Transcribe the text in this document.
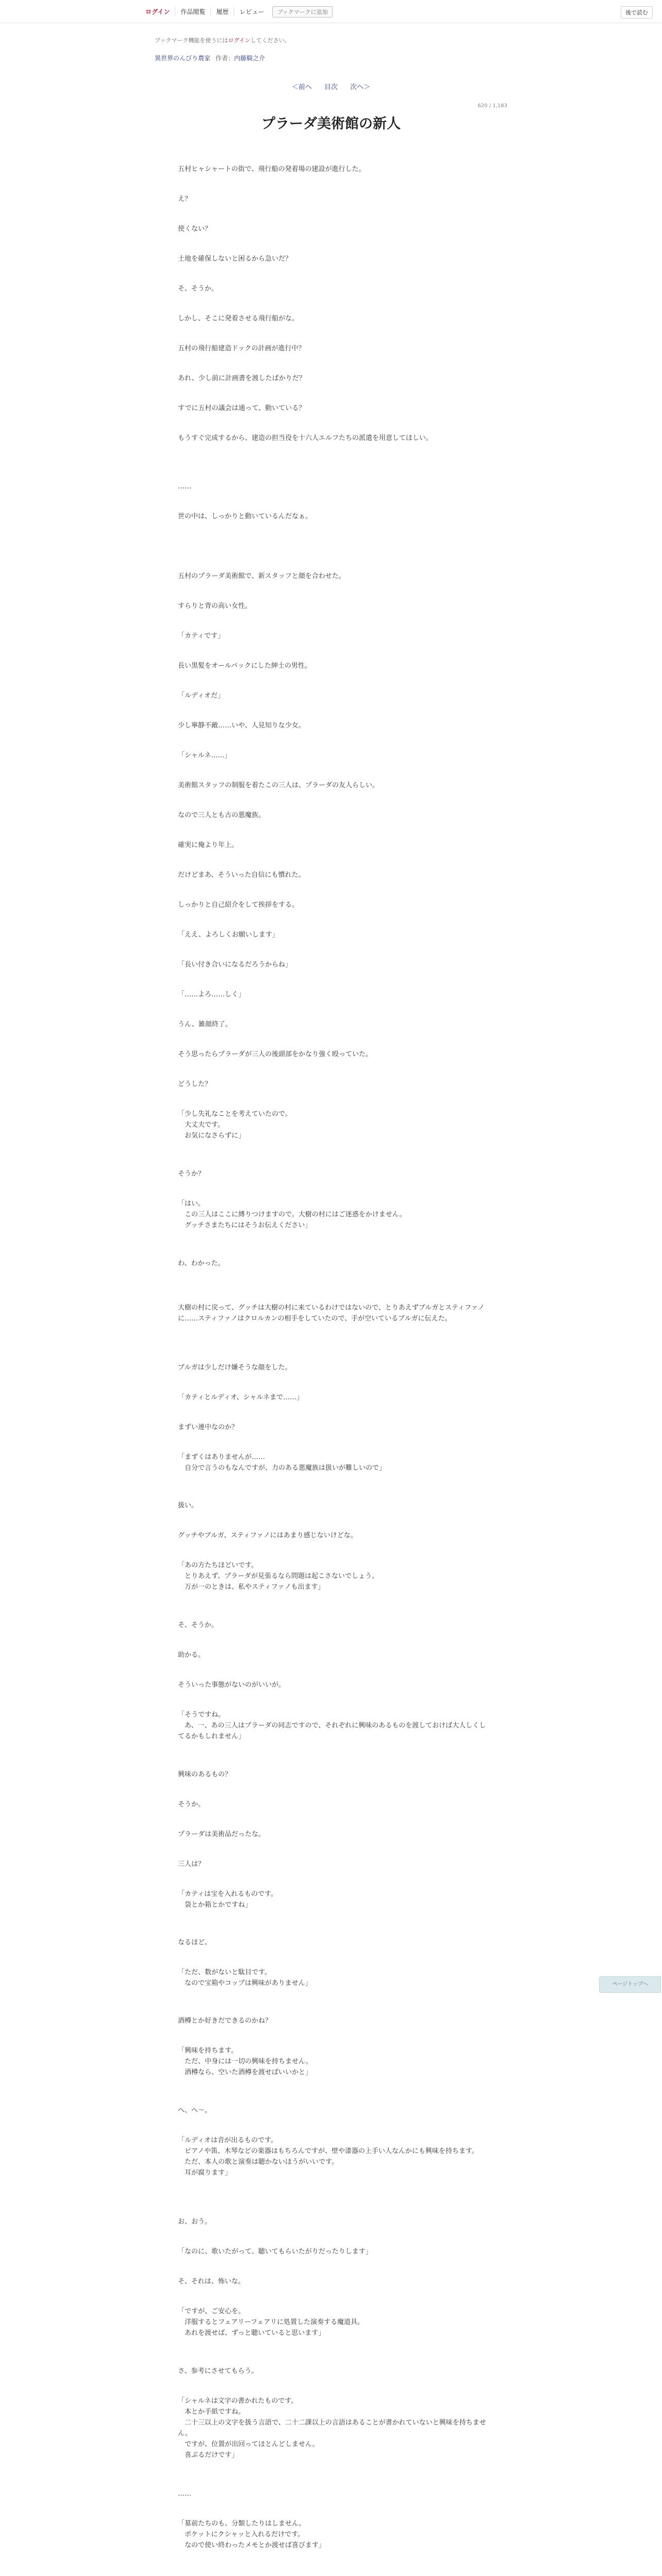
ログイン	作品閲覧	履歴	レビュー	ブックマークに追加	後で読む
ブックマーク機能を使うにはログインしてください。
異世界のんびり農家 作者： 内藤騎之介
＜前へ 目次 次へ＞
620 / 1,183
プラーダ美術館の新人
ページトップへ

五村ヒャシャートの街で、飛行船の発着場の建設が進行した。

え？

使くない？

土地を確保しないと困るから急いだ？

そ、そうか。

しかし、そこに発着させる飛行船がな。

五村の飛行船建造ドックの計画が進行中？

あれ、少し前に計画書を渡したばかりだ？

すでに五村の議会は通って、動いている？

もうすぐ完成するから、建造の担当役を十六人エルフたちの派遣を用意してほしい。

……

世の中は、しっかりと動いているんだなぁ。

五村のプラーダ美術館で、新スタッフと顔を合わせた。

すらりと背の高い女性。

「カティです」

長い黒髪をオールバックにした紳士の男性。

「ルディオだ」

少し寧静不敵……いや、人見知りな少女。

「シャルネ……」

美術館スタッフの制服を着たこの三人は、プラーダの友人らしい。

なので三人とも古の悪魔族。

確実に俺より年上。

だけどまあ、そういった自信にも慣れた。

しっかりと自己紹介をして挨拶をする。

「ええ、よろしくお願いします」

「長い付き合いになるだろうからね」

「……よろ……しく」

うん、雑顔終了。

そう思ったらプラーダが三人の後頭部をかなり強く殴っていた。

どうした？

「少し失礼なことを考えていたので。
　大丈夫です。
　お気になさらずに」

そうか？

「はい。
　この三人はここに縛りつけますので。大樹の村にはご迷惑をかけません。
　グッチさまたちにはそうお伝えください」

わ、わかった。

大樹の村に戻って、グッチは大樹の村に来ているわけではないので、とりあえずブルガとスティファノに……スティファノはクロルカンの相手をしていたので、手が空いているブルガに伝えた。

ブルガは少しだけ嫌そうな顔をした。

「カティとルディオ、シャルネまで……」

まずい連中なのか？

「まずくはありませんが……
　自分で言うのもなんですが、力のある悪魔族は扱いが難しいので」

扱い。

グッチやブルガ、スティファノにはあまり感じないけどな。

「あの方たちほどいです。
　とりあえず、プラーダが見張るなら問題は起こさないでしょう。
　万が一のときは、私やスティファノも出ます」

そ、そうか。

助かる。

そういった事態がないのがいいが。

「そうですね。
　あ、一、あの三人はプラーダの同志ですので、それぞれに興味のあるものを渡しておけば大人しくしてるかもしれません」

興味のあるもの？

そうか。

プラーダは美術品だったな。

三人は？

「カティは宝を入れるものです。
　袋とか箱とかですね」

なるほど。

「ただ、数がないと駄目です。
　なので宝箱やコップは興味がありません」

酒樽とか好きだできるのかね？

「興味を持ちます。
　ただ、中身には一切の興味を持ちません。
　酒樽なら、空いた酒樽を渡せばいいかと」

へ、へ～。

「ルディオは音が出るものです。
　ピアノや笛、木琴などの楽器はもちろんですが、壁や漆器の上手い人なんかにも興味を持ちます。
　ただ、本人の歌と演奏は聴かないほうがいいです。
　耳が腐ります」

お、おう。

「なのに、歌いたがって、聴いてもらいたがりだったりします」

そ、それは、怖いな。

「ですが、ご安心を。
　洋服するとフェアリーフェアリに処置した演奏する魔道具。
　あれを渡せば、ずっと聴いていると思います」

さ、参考にさせてもらう。

「シャルネは文字の書かれたものです。
　本とか手紙ですね。
　二十三以上の文字を扱う言語で、二十二課以上の言語はあることが書かれていないと興味を持ちません。
　ですが、位置が出回ってほとんどしません。
　喜ぶるだけです」

……

「墓前たちのも、分類したりはしません。
　ポケットにクシャッと入れるだけです。
　なので使い終わったメモとか渡せば喜びます」
